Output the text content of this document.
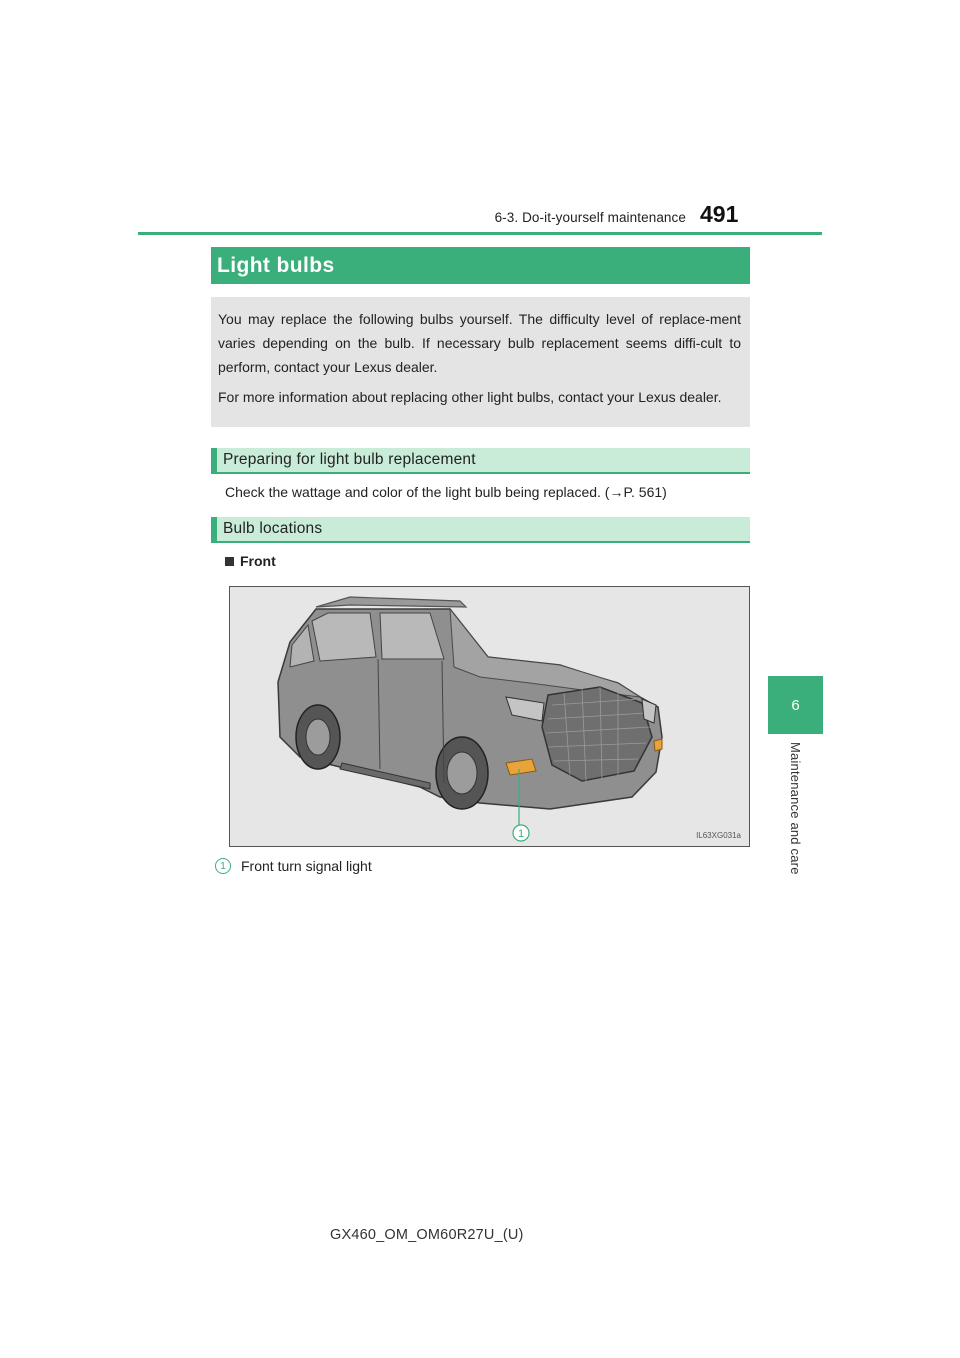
6-3. Do-it-yourself maintenance 491
6
Maintenance and care
Light bulbs

You may replace the following bulbs yourself. The difficulty level of replace-ment varies depending on the bulb. If necessary bulb replacement seems diffi-cult to perform, contact your Lexus dealer.

For more information about replacing other light bulbs, contact your Lexus dealer.

Preparing for light bulb replacement
Check the wattage and color of the light bulb being replaced. (→P. 561)
Bulb locations
Front
1	IL63XG031a
1	Front turn signal light
GX460_OM_OM60R27U_(U)
